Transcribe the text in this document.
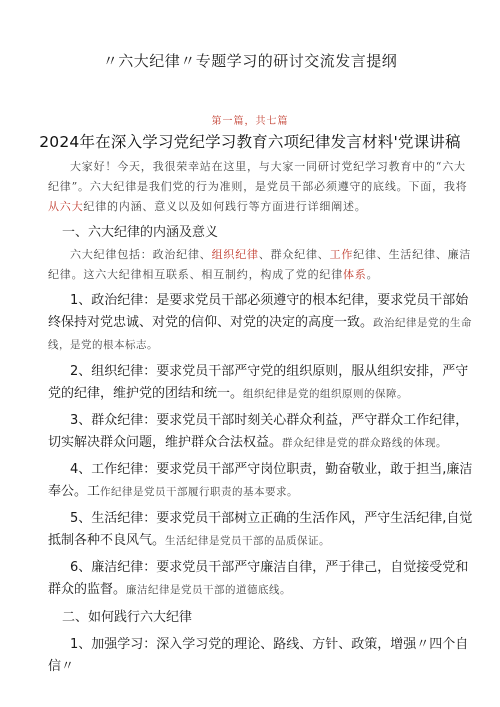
〃六大纪律〃专题学习的研讨交流发言提纲
第一篇，共七篇
2024年在深入学习党纪学习教育六项纪律发言材料'党课讲稿

大家好！今天，我很荣幸站在这里，与大家一同研讨党纪学习教育中的“六大纪律”。六大纪律是我们党的行为准则，是党员干部必须遵守的底线。下面，我将从六大纪律的内涵、意义以及如何践行等方面进行详细阐述。

一、六大纪律的内涵及意义

六大纪律包括：政治纪律、组织纪律、群众纪律、工作纪律、生活纪律、廉洁纪律。这六大纪律相互联系、相互制约，构成了党的纪律体系。

1、政治纪律：是要求党员干部必须遵守的根本纪律，要求党员干部始终保持对党忠诚、对党的信仰、对党的决定的高度一致。政治纪律是党的生命线，是党的根本标志。

2、组织纪律：要求党员干部严守党的组织原则，服从组织安排，严守党的纪律，维护党的团结和统一。组织纪律是党的组织原则的保障。

3、群众纪律：要求党员干部时刻关心群众利益，严守群众工作纪律，切实解决群众问题，维护群众合法权益。群众纪律是党的群众路线的体现。

4、工作纪律：要求党员干部严守岗位职责，勤奋敬业，敢于担当,廉洁奉公。工作纪律是党员干部履行职责的基本要求。

5、生活纪律：要求党员干部树立正确的生活作风，严守生活纪律,自觉抵制各种不良风气。生活纪律是党员干部的品质保证。

6、廉洁纪律：要求党员干部严守廉洁自律，严于律己，自觉接受党和群众的监督。廉洁纪律是党员干部的道德底线。

二、如何践行六大纪律

1、加强学习：深入学习党的理论、路线、方针、政策，增强〃四个自信〃
